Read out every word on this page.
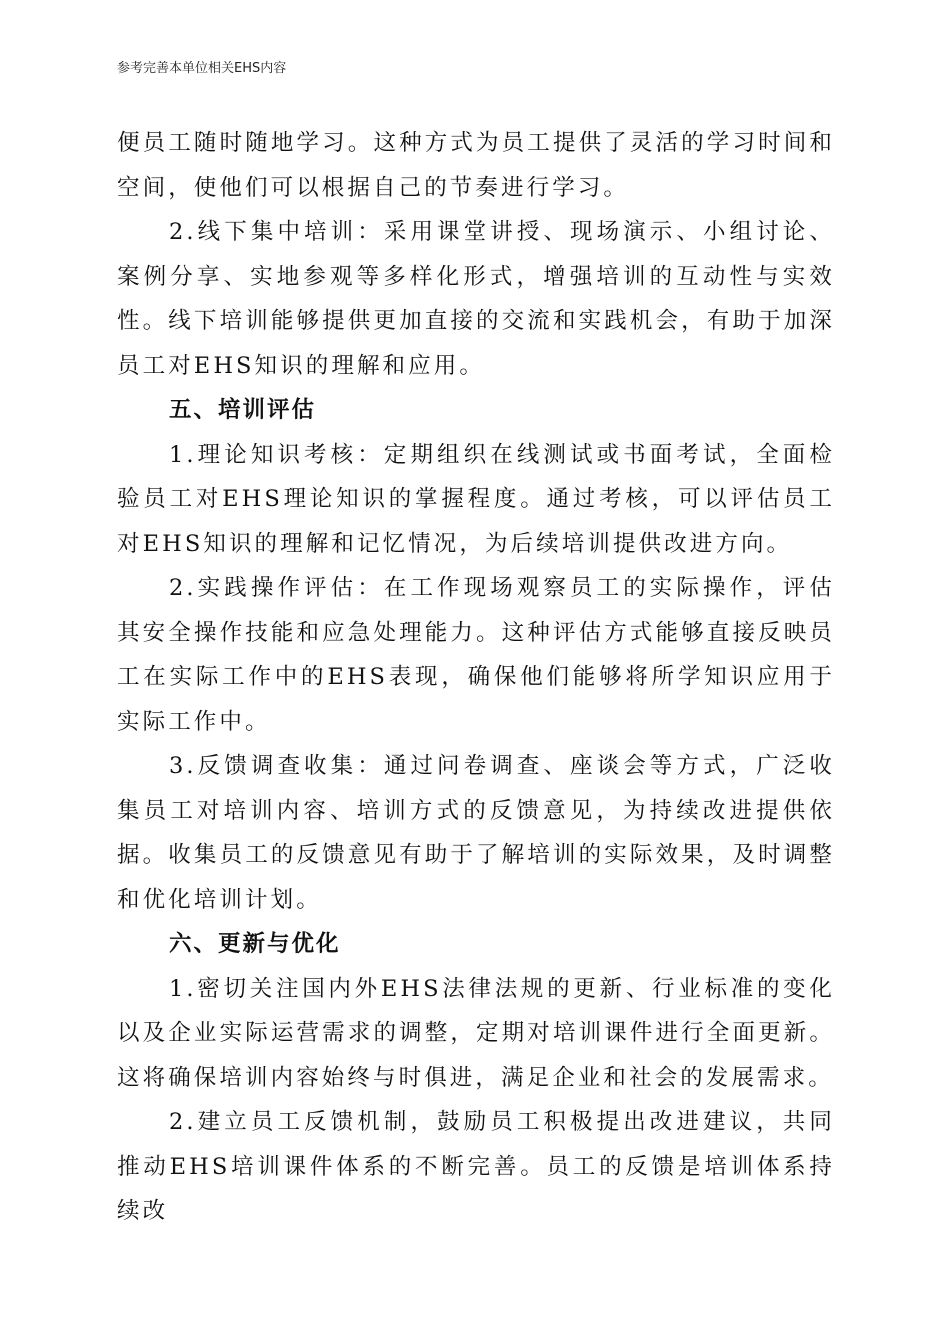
参考完善本单位相关EHS内容

便员工随时随地学习。这种方式为员工提供了灵活的学习时间和空间，使他们可以根据自己的节奏进行学习。

2.线下集中培训：采用课堂讲授、现场演示、小组讨论、案例分享、实地参观等多样化形式，增强培训的互动性与实效性。线下培训能够提供更加直接的交流和实践机会，有助于加深员工对EHS知识的理解和应用。

五、培训评估

1.理论知识考核：定期组织在线测试或书面考试，全面检验员工对EHS理论知识的掌握程度。通过考核，可以评估员工对EHS知识的理解和记忆情况，为后续培训提供改进方向。

2.实践操作评估：在工作现场观察员工的实际操作，评估其安全操作技能和应急处理能力。这种评估方式能够直接反映员工在实际工作中的EHS表现，确保他们能够将所学知识应用于实际工作中。

3.反馈调查收集：通过问卷调查、座谈会等方式，广泛收集员工对培训内容、培训方式的反馈意见，为持续改进提供依据。收集员工的反馈意见有助于了解培训的实际效果，及时调整和优化培训计划。

六、更新与优化

1.密切关注国内外EHS法律法规的更新、行业标准的变化以及企业实际运营需求的调整，定期对培训课件进行全面更新。这将确保培训内容始终与时俱进，满足企业和社会的发展需求。

2.建立员工反馈机制，鼓励员工积极提出改进建议，共同推动EHS培训课件体系的不断完善。员工的反馈是培训体系持续改
